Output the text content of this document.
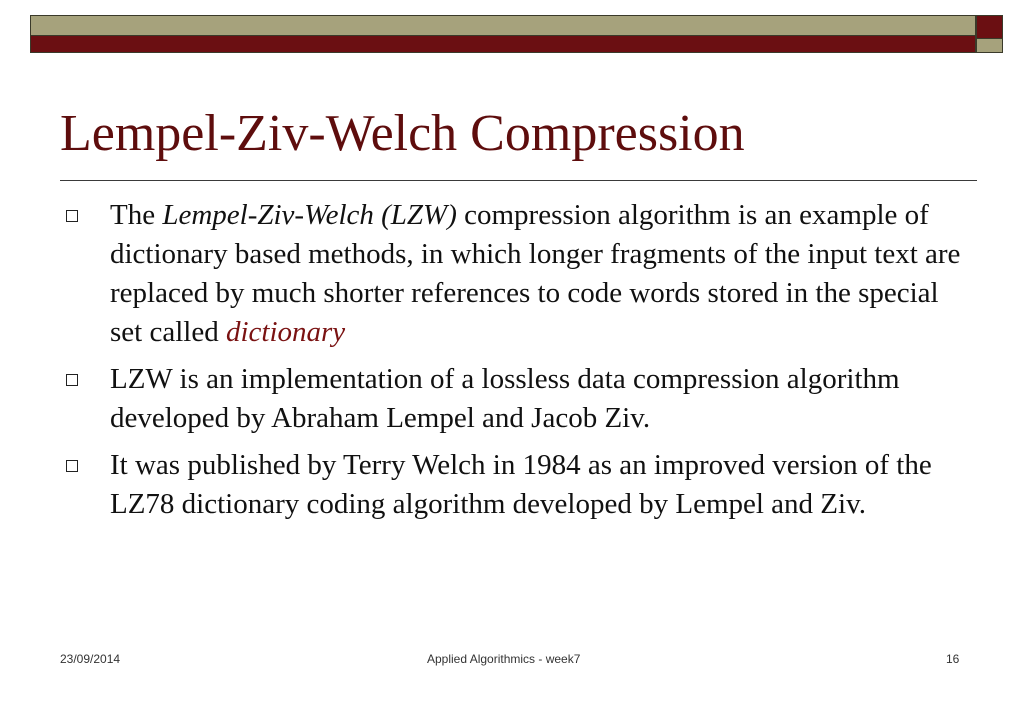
Lempel-Ziv-Welch Compression
The Lempel-Ziv-Welch (LZW) compression algorithm is an example of dictionary based methods, in which longer fragments of the input text are replaced by much shorter references to code words stored in the special set called dictionary
LZW is an implementation of a lossless data compression algorithm developed by Abraham Lempel and Jacob Ziv.
It was published by Terry Welch in 1984 as an improved version of the LZ78 dictionary coding algorithm developed by Lempel and Ziv.
23/09/2014	Applied Algorithmics - week7	16
